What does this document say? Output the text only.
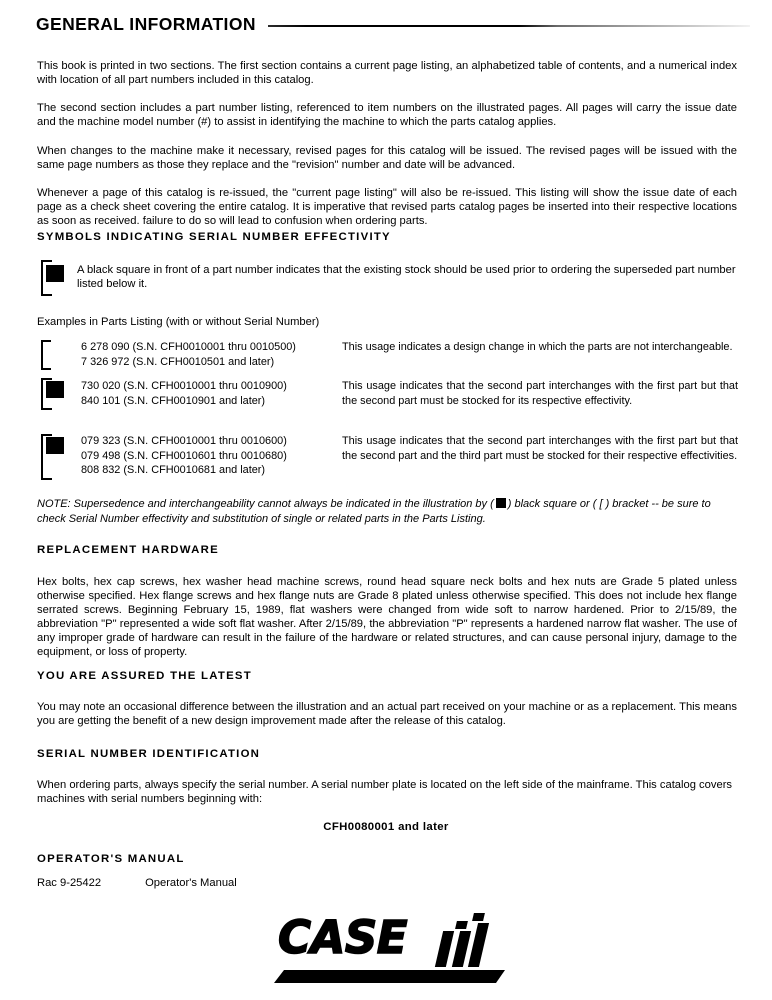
GENERAL INFORMATION
This book is printed in two sections. The first section contains a current page listing, an alphabetized table of contents, and a numerical index with location of all part numbers included in this catalog.
The second section includes a part number listing, referenced to item numbers on the illustrated pages. All pages will carry the issue date and the machine model number (#) to assist in identifying the machine to which the parts catalog applies.
When changes to the machine make it necessary, revised pages for this catalog will be issued. The revised pages will be issued with the same page numbers as those they replace and the "revision" number and date will be advanced.
Whenever a page of this catalog is re-issued, the "current page listing" will also be re-issued. This listing will show the issue date of each page as a check sheet covering the entire catalog. It is imperative that revised parts catalog pages be inserted into their respective locations as soon as received. failure to do so will lead to confusion when ordering parts.
SYMBOLS INDICATING SERIAL NUMBER EFFECTIVITY
A black square in front of a part number indicates that the existing stock should be used prior to ordering the superseded part number listed below it.
Examples in Parts Listing (with or without Serial Number)
6 278 090 (S.N. CFH0010001 thru 0010500)
7 326 972 (S.N. CFH0010501 and later)
This usage indicates a design change in which the parts are not interchangeable.
730 020 (S.N. CFH0010001 thru 0010900)
840 101 (S.N. CFH0010901 and later)
This usage indicates that the second part interchanges with the first part but that the second part must be stocked for its respective effectivity.
079 323 (S.N. CFH0010001 thru 0010600)
079 498 (S.N. CFH0010601 thru 0010680)
808 832 (S.N. CFH0010681 and later)
This usage indicates that the second part interchanges with the first part but that the second part and the third part must be stocked for their respective effectivities.
NOTE: Supersedence and interchangeability cannot always be indicated in the illustration by ( ) black square or ( [ ) bracket -- be sure to check Serial Number effectivity and substitution of single or related parts in the Parts Listing.
REPLACEMENT HARDWARE
Hex bolts, hex cap screws, hex washer head machine screws, round head square neck bolts and hex nuts are Grade 5 plated unless otherwise specified. Hex flange screws and hex flange nuts are Grade 8 plated unless otherwise specified. This does not include hex flange serrated screws. Beginning February 15, 1989, flat washers were changed from wide soft to narrow hardened. Prior to 2/15/89, the abbreviation "P" represented a wide soft flat washer. After 2/15/89, the abbreviation "P" represents a hardened narrow flat washer. The use of any improper grade of hardware can result in the failure of the hardware or related structures, and can cause personal injury, damage to the equipment, or loss of property.
YOU ARE ASSURED THE LATEST
You may note an occasional difference between the illustration and an actual part received on your machine or as a replacement. This means you are getting the benefit of a new design improvement made after the release of this catalog.
SERIAL NUMBER IDENTIFICATION
When ordering parts, always specify the serial number. A serial number plate is located on the left side of the mainframe. This catalog covers machines with serial numbers beginning with:
CFH0080001 and later
OPERATOR'S MANUAL
Rac 9-25422	Operator's Manual
CASE
